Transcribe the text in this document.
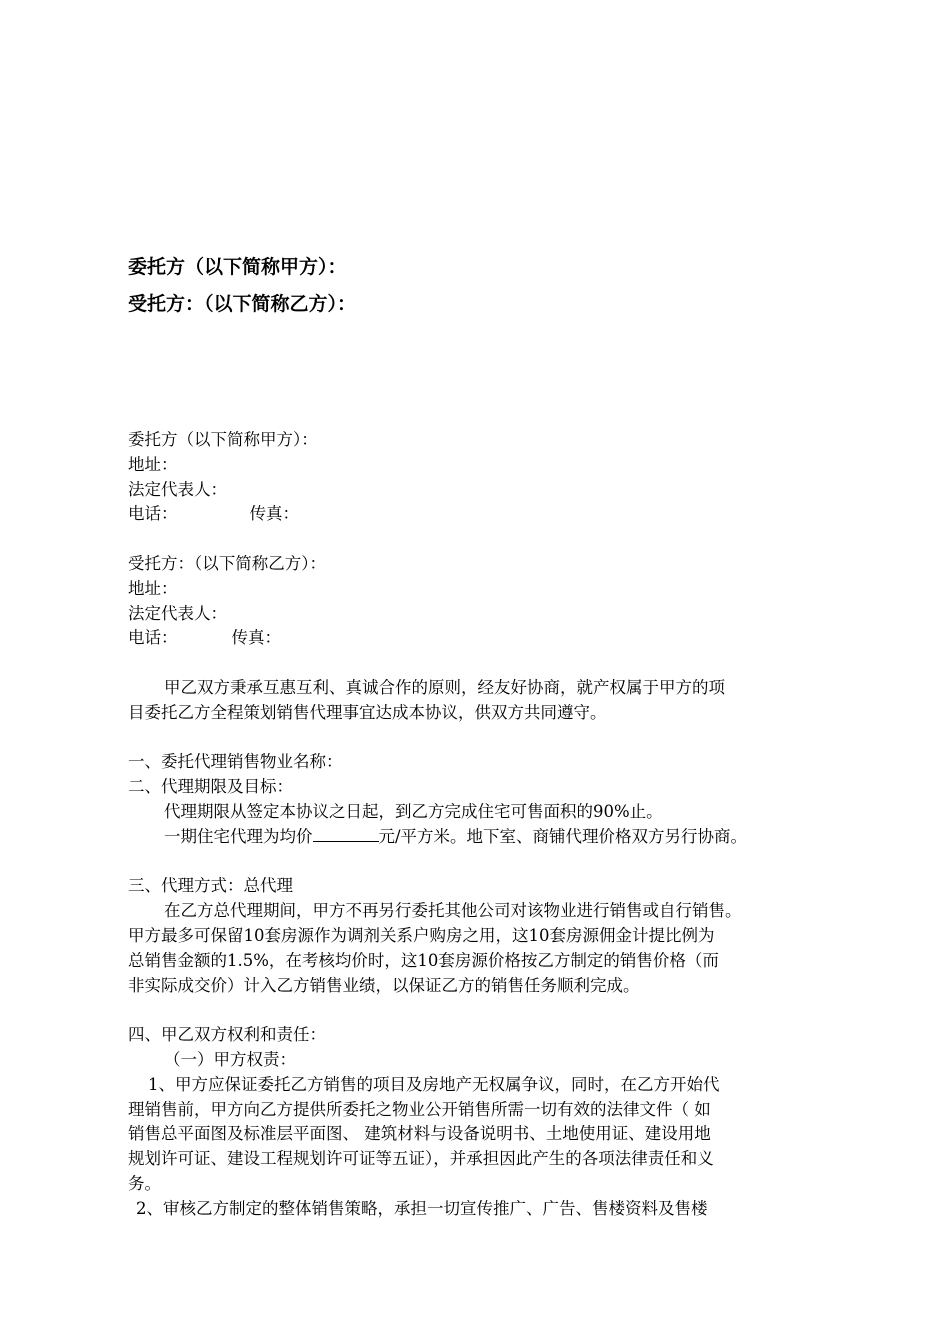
委托方（以下简称甲方）：
受托方：（以下简称乙方）：
委托方（以下简称甲方）：
地址：
法定代表人：
电话：	传真：
受托方：（以下简称乙方）：
地址：
法定代表人：
电话：	传真：
甲乙双方秉承互惠互利、真诚合作的原则，经友好协商，就产权属于甲方的项
目委托乙方全程策划销售代理事宜达成本协议，供双方共同遵守。
一、委托代理销售物业名称：
二、代理期限及目标：
代理期限从签定本协议之日起，到乙方完成住宅可售面积的90%止。
一期住宅代理为均价	元/平方米。地下室、商铺代理价格双方另行协商。
三、代理方式：总代理
在乙方总代理期间，甲方不再另行委托其他公司对该物业进行销售或自行销售。
甲方最多可保留10套房源作为调剂关系户购房之用，这10套房源佣金计提比例为
总销售金额的1.5%，在考核均价时，这10套房源价格按乙方制定的销售价格（而
非实际成交价）计入乙方销售业绩，以保证乙方的销售任务顺利完成。
四、甲乙双方权利和责任：
（一）甲方权责：
1、甲方应保证委托乙方销售的项目及房地产无权属争议，同时，在乙方开始代
理销售前，甲方向乙方提供所委托之物业公开销售所需一切有效的法律文件（ 如
销售总平面图及标准层平面图、 建筑材料与设备说明书、土地使用证、建设用地
规划许可证、建设工程规划许可证等五证），并承担因此产生的各项法律责任和义
务。
2、审核乙方制定的整体销售策略，承担一切宣传推广、广告、售楼资料及售楼
